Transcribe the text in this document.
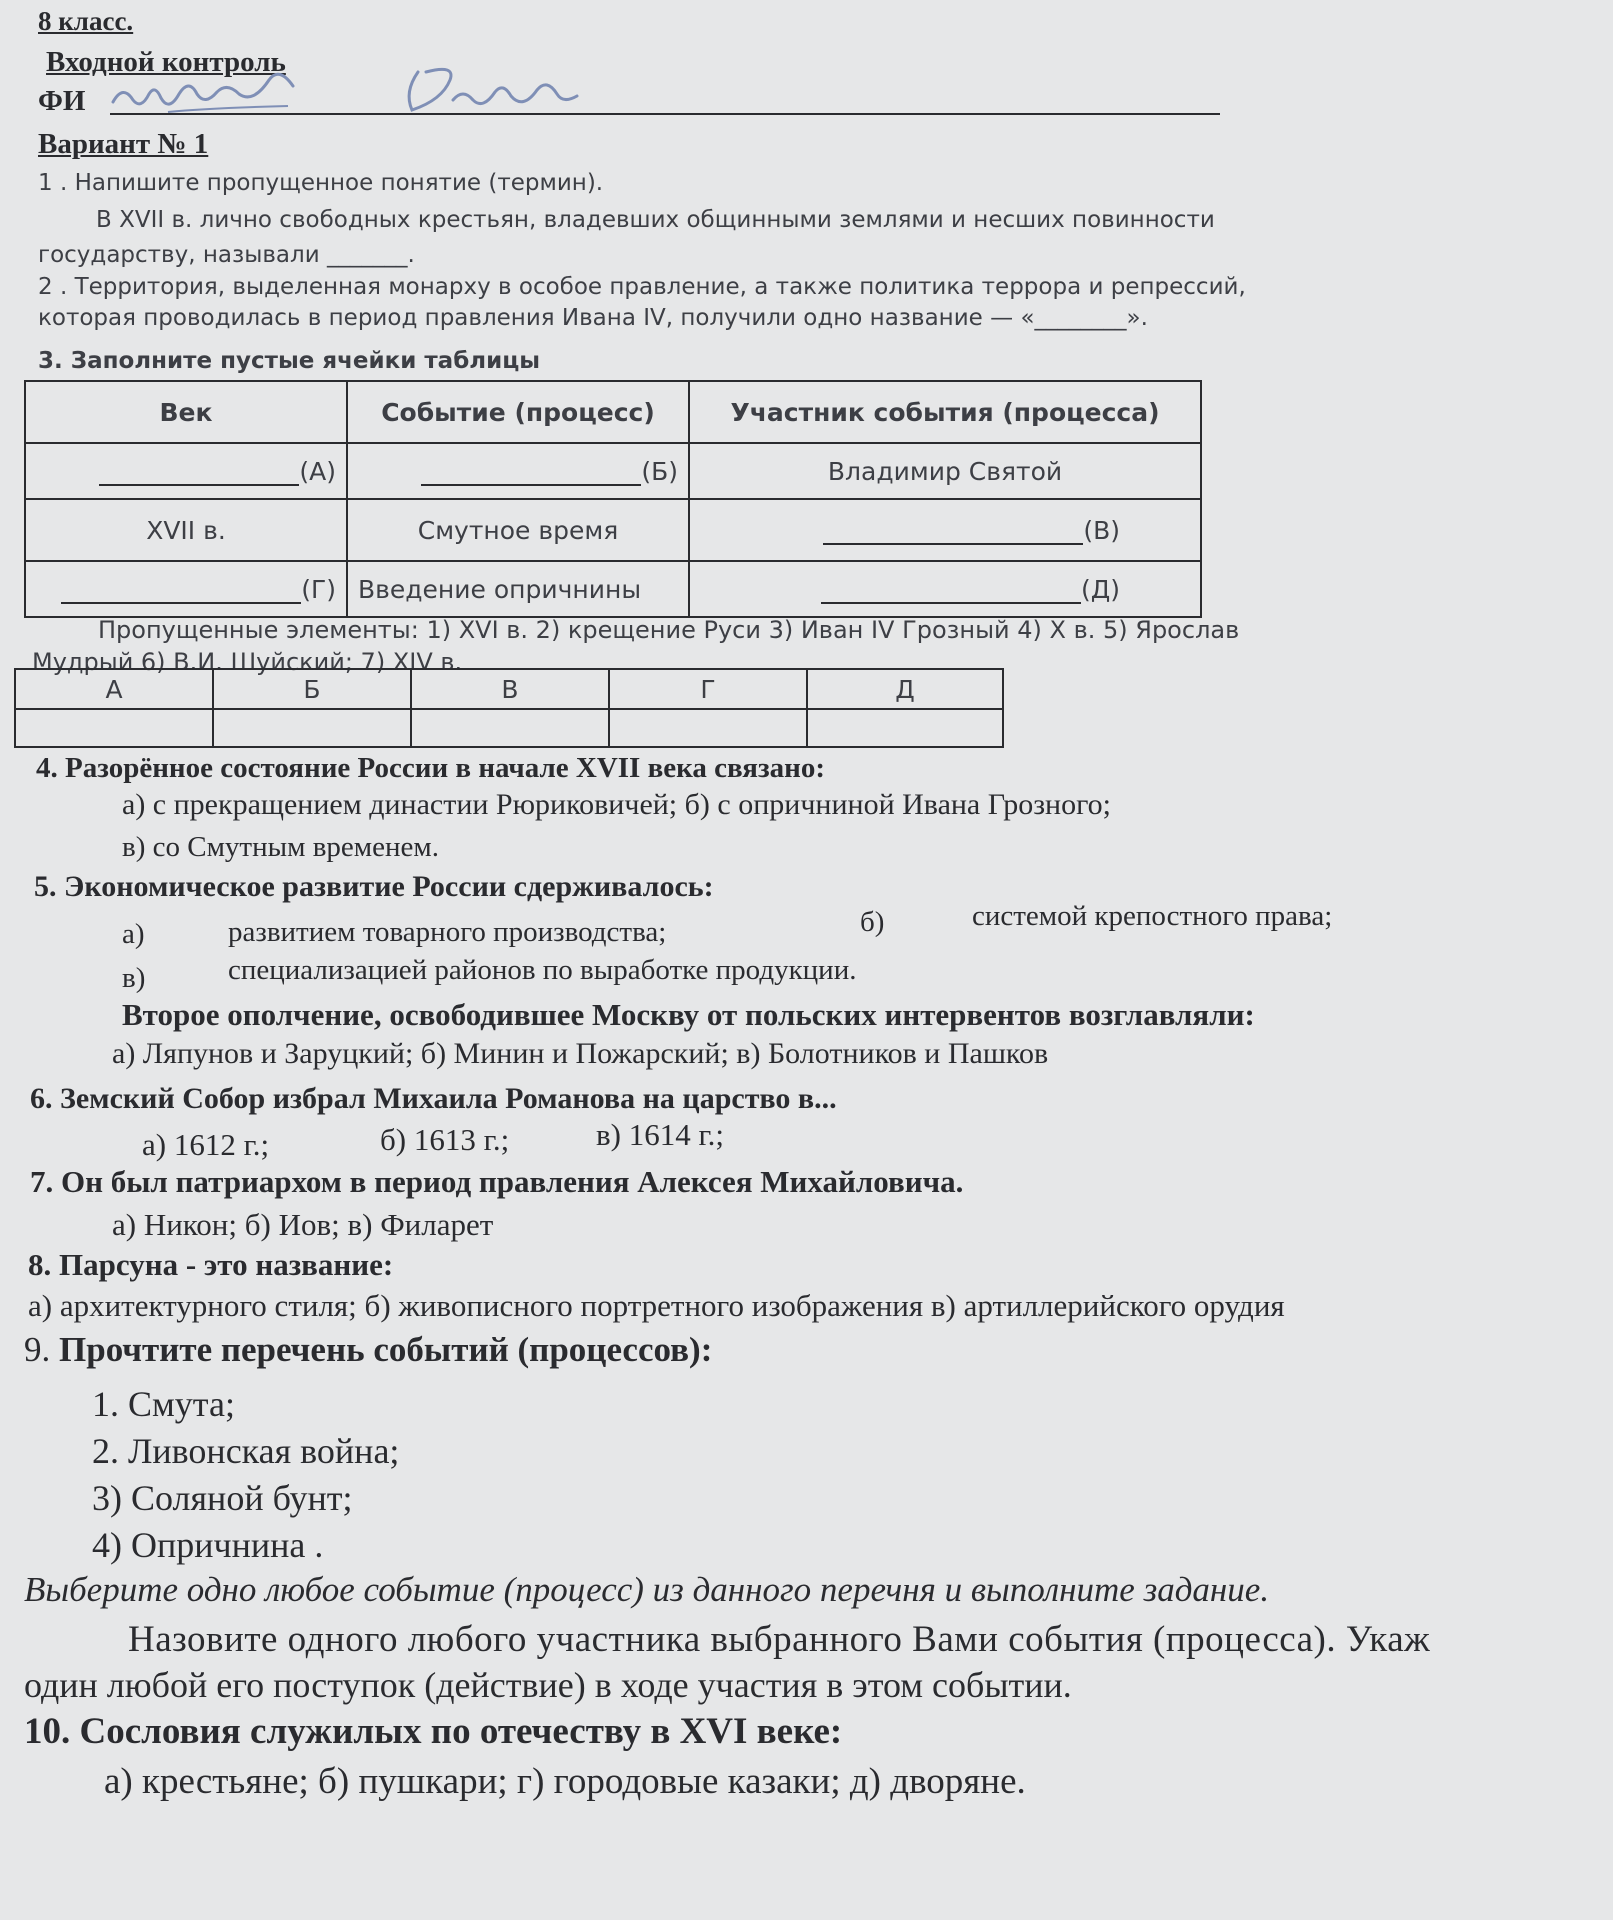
8 класс.
Входной контроль
ФИ
Вариант № 1
1 . Напишите пропущенное понятие (термин).
В XVII в. лично свободных крестьян, владевших общинными землями и несших повинности
государству, называли _______.
2 . Территория, выделенная монарху в особое правление, а также политика террора и репрессий,
которая проводилась в период правления Ивана IV, получили одно название — «________».
3. Заполните пустые ячейки таблицы
Век	Событие (процесс)	Участник события (процесса)
(А)	(Б)	Владимир Святой
XVII в.	Смутное время	(В)
(Г)	Введение опричнины	(Д)
Пропущенные элементы: 1) XVI в. 2) крещение Руси 3) Иван IV Грозный 4) X в. 5) Ярослав
Мудрый 6) В.И. Шуйский; 7) XIV в.
А	Б	В	Г	Д

4. Разорённое состояние России в начале XVII века связано:
а) с прекращением династии Рюриковичей; б) с опричниной Ивана Грозного;
в) со Смутным временем.
5. Экономическое развитие России сдерживалось:
а)	развитием товарного производства;	б)	системой крепостного права;
в)	специализацией районов по выработке продукции.
Второе ополчение, освободившее Москву от польских интервентов возглавляли:
а) Ляпунов и Заруцкий; б) Минин и Пожарский; в) Болотников и Пашков
6. Земский Собор избрал Михаила Романова на царство в...
а) 1612 г.;	б) 1613 г.;	в) 1614 г.;
7. Он был патриархом в период правления Алексея Михайловича.
а) Никон; б) Иов; в) Филарет
8. Парсуна - это название:
а) архитектурного стиля; б) живописного портретного изображения в) артиллерийского орудия
9. Прочтите перечень событий (процессов):
1. Смута;
2. Ливонская война;
3) Соляной бунт;
4) Опричнина .
Выберите одно любое событие (процесс) из данного перечня и выполните задание.
Назовите одного любого участника выбранного Вами события (процесса). Укаж
один любой его поступок (действие) в ходе участия в этом событии.
10. Сословия служилых по отечеству в XVI веке:
а) крестьяне; б) пушкари; г) городовые казаки; д) дворяне.
